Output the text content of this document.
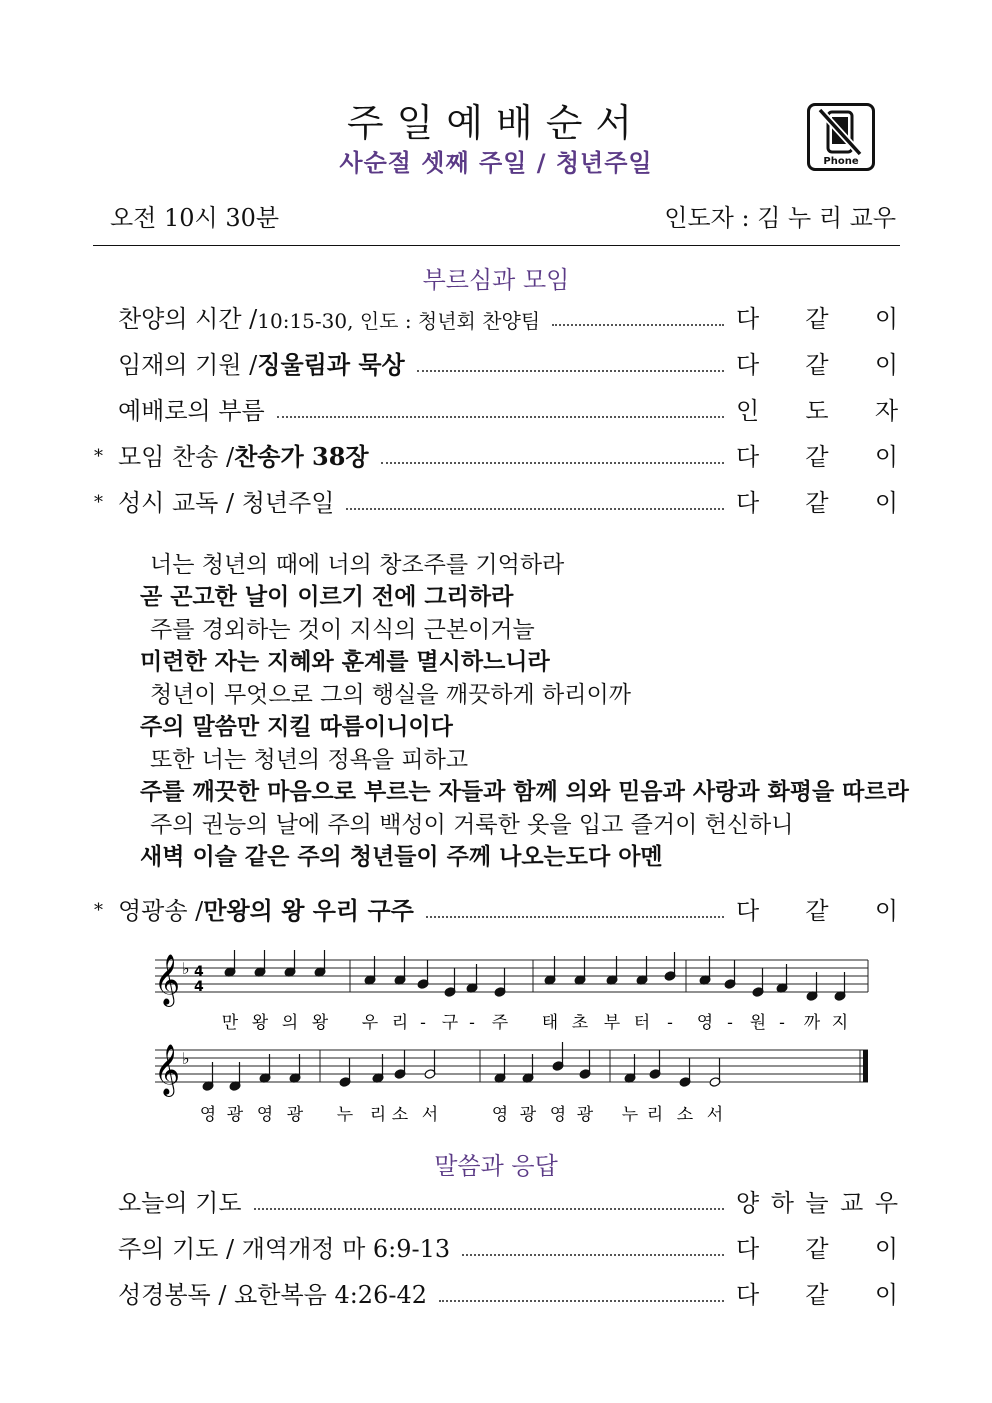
주일예배순서
사순절 셋째 주일 / 청년주일	Phone
오전 10시 30분	인도자 : 김 누 리 교우
부르심과 모임
찬양의 시간 / 10:15-30, 인도 : 청년회 찬양팀	다 같 이
임재의 기원 / 징울림과 묵상	다 같 이
예배로의 부름	인 도 자
* 모임 찬송 / 찬송가 38장	다 같 이
* 성시 교독 / 청년주일	다 같 이
너는 청년의 때에 너의 창조주를 기억하라
곧 곤고한 날이 이르기 전에 그리하라
주를 경외하는 것이 지식의 근본이거늘
미련한 자는 지혜와 훈계를 멸시하느니라
청년이 무엇으로 그의 행실을 깨끗하게 하리이까
주의 말씀만 지킬 따름이니이다
또한 너는 청년의 정욕을 피하고
주를 깨끗한 마음으로 부르는 자들과 함께 의와 믿음과 사랑과 화평을 따르라
주의 권능의 날에 주의 백성이 거룩한 옷을 입고 즐거이 헌신하니
새벽 이슬 같은 주의 청년들이 주께 나오는도다 아멘
* 영광송 / 만왕의 왕 우리 구주	다 같 이
𝄞
𝄞
♭
♭
4
4
만 왕 의 왕 우 리 - 구 - 주 태 초 부 터 - 영 - 원 - 까 지
영 광 영 광 누 리 소 서	영 광 영 광 누 리 소 서
말씀과 응답
오늘의 기도	양 하 늘 교 우
주의 기도 / 개역개정 마 6:9-13	다 같 이
성경봉독 / 요한복음 4:26-42	다 같 이
